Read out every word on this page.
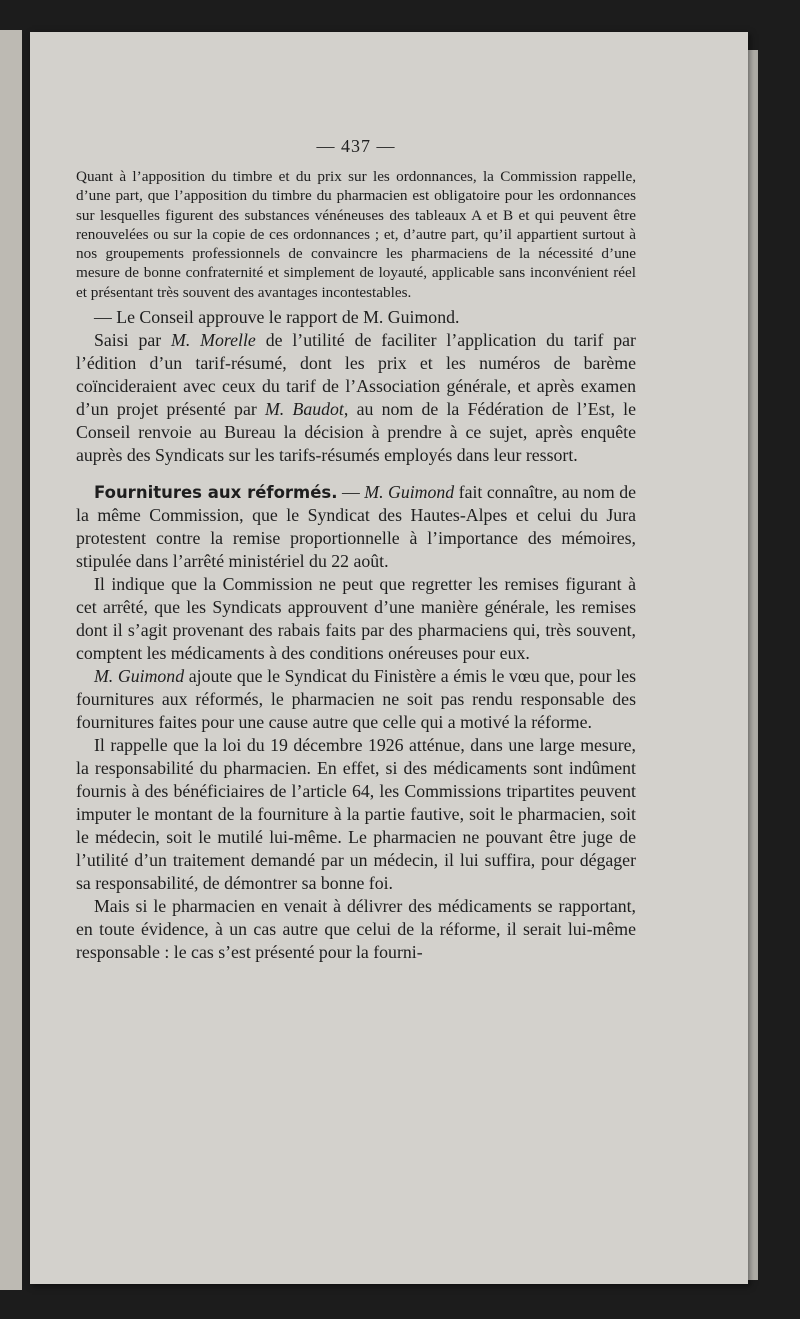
— 437 —

Quant à l’apposition du timbre et du prix sur les ordonnances, la Commission rappelle, d’une part, que l’apposition du timbre du pharmacien est obligatoire pour les ordonnances sur lesquelles figurent des substances vénéneuses des tableaux A et B et qui peuvent être renouvelées ou sur la copie de ces ordonnances ; et, d’autre part, qu’il appartient surtout à nos groupements professionnels de convaincre les pharmaciens de la nécessité d’une mesure de bonne confraternité et simplement de loyauté, applicable sans inconvénient réel et présentant très souvent des avantages incontestables.

— Le Conseil approuve le rapport de M. Guimond.

Saisi par M. Morelle de l’utilité de faciliter l’application du tarif par l’édition d’un tarif-résumé, dont les prix et les numéros de barème coïncideraient avec ceux du tarif de l’Association générale, et après examen d’un projet présenté par M. Baudot, au nom de la Fédération de l’Est, le Conseil renvoie au Bureau la décision à prendre à ce sujet, après enquête auprès des Syndicats sur les tarifs-résumés employés dans leur ressort.

Fournitures aux réformés. — M. Guimond fait connaître, au nom de la même Commission, que le Syndicat des Hautes-Alpes et celui du Jura protestent contre la remise proportionnelle à l’importance des mémoires, stipulée dans l’arrêté ministériel du 22 août.

Il indique que la Commission ne peut que regretter les remises figurant à cet arrêté, que les Syndicats approuvent d’une manière générale, les remises dont il s’agit provenant des rabais faits par des pharmaciens qui, très souvent, comptent les médicaments à des conditions onéreuses pour eux.

M. Guimond ajoute que le Syndicat du Finistère a émis le vœu que, pour les fournitures aux réformés, le pharmacien ne soit pas rendu responsable des fournitures faites pour une cause autre que celle qui a motivé la réforme.

Il rappelle que la loi du 19 décembre 1926 atténue, dans une large mesure, la responsabilité du pharmacien. En effet, si des médicaments sont indûment fournis à des bénéficiaires de l’article 64, les Commissions tripartites peuvent imputer le montant de la fourniture à la partie fautive, soit le pharmacien, soit le médecin, soit le mutilé lui-même. Le pharmacien ne pouvant être juge de l’utilité d’un traitement demandé par un médecin, il lui suffira, pour dégager sa responsabilité, de démontrer sa bonne foi.

Mais si le pharmacien en venait à délivrer des médicaments se rapportant, en toute évidence, à un cas autre que celui de la réforme, il serait lui-même responsable : le cas s’est présenté pour la fourni-
